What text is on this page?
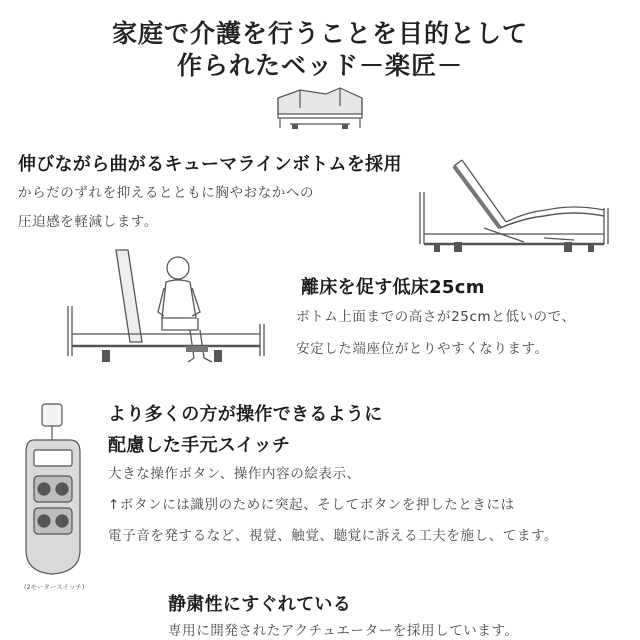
家庭で介護を行うことを目的として
作られたベッド－楽匠－
伸びながら曲がるキューマラインボトムを採用
からだのずれを抑えるとともに胸やおなかへの
圧迫感を軽減します。
離床を促す低床25cm
ボトム上面までの高さが25cmと低いので、
安定した端座位がとりやすくなります。
(2モータースイッチ)
より多くの方が操作できるように
配慮した手元スイッチ
大きな操作ボタン、操作内容の絵表示、
↑ボタンには識別のために突起、そしてボタンを押したときには
電子音を発するなど、視覚、触覚、聴覚に訴える工夫を施し、てます。
静粛性にすぐれている
専用に開発されたアクチュエーターを採用しています。
